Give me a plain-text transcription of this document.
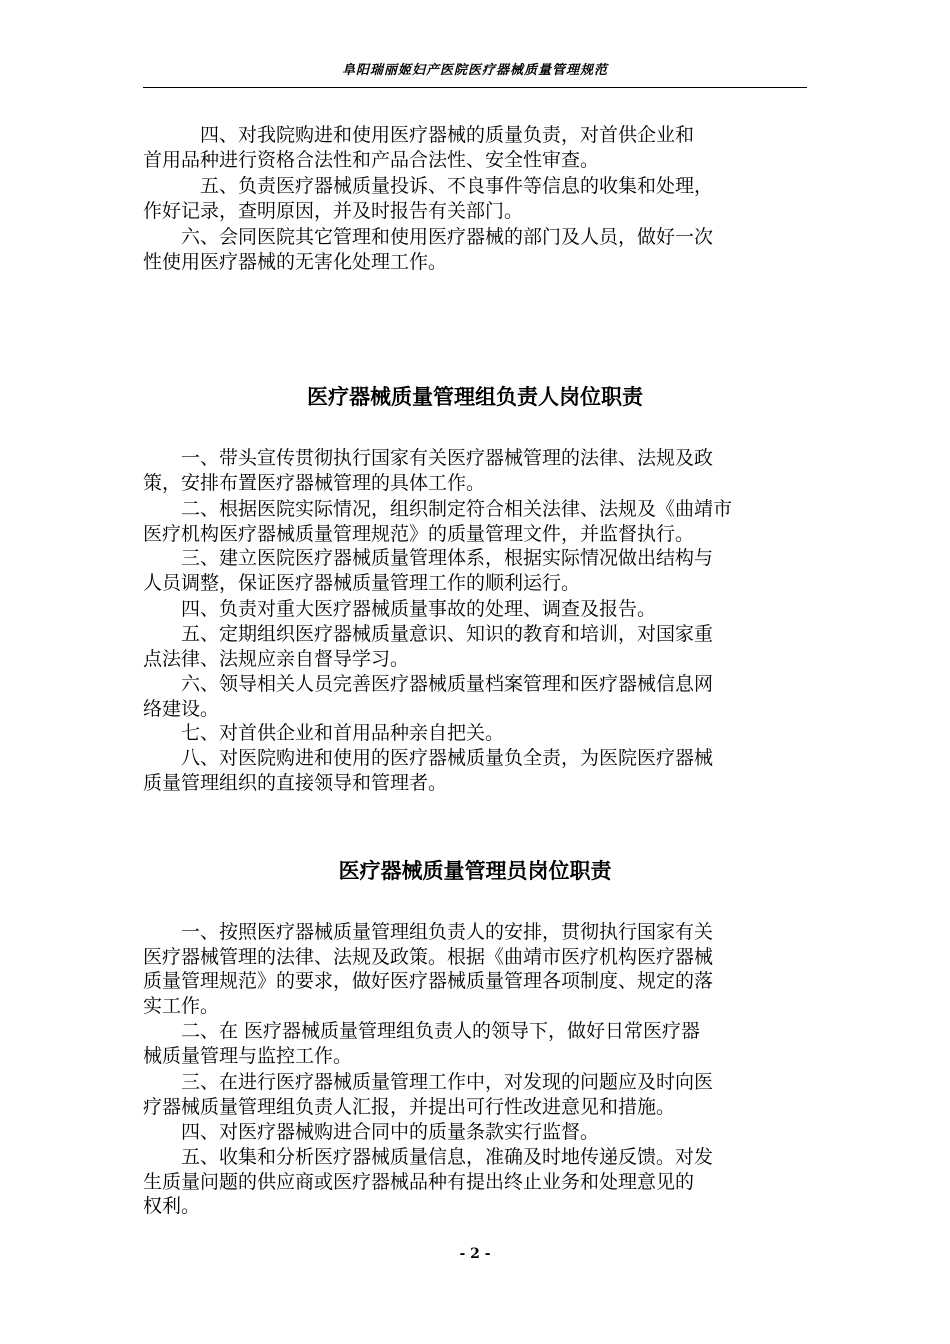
阜阳瑞丽姬妇产医院医疗器械质量管理规范
　　　四、对我院购进和使用医疗器械的质量负责，对首供企业和
首用品种进行资格合法性和产品合法性、安全性审查。
　　　五、负责医疗器械质量投诉、不良事件等信息的收集和处理，
作好记录，查明原因，并及时报告有关部门。
　　六、会同医院其它管理和使用医疗器械的部门及人员，做好一次
性使用医疗器械的无害化处理工作。
医疗器械质量管理组负责人岗位职责
　　一、带头宣传贯彻执行国家有关医疗器械管理的法律、法规及政
策，安排布置医疗器械管理的具体工作。
　　二、根据医院实际情况，组织制定符合相关法律、法规及《曲靖市
医疗机构医疗器械质量管理规范》的质量管理文件，并监督执行。
　　三、建立医院医疗器械质量管理体系，根据实际情况做出结构与
人员调整，保证医疗器械质量管理工作的顺利运行。
　　四、负责对重大医疗器械质量事故的处理、调查及报告。
　　五、定期组织医疗器械质量意识、知识的教育和培训，对国家重
点法律、法规应亲自督导学习。
　　六、领导相关人员完善医疗器械质量档案管理和医疗器械信息网
络建设。
　　七、对首供企业和首用品种亲自把关。
　　八、对医院购进和使用的医疗器械质量负全责，为医院医疗器械
质量管理组织的直接领导和管理者。
医疗器械质量管理员岗位职责
　　一、按照医疗器械质量管理组负责人的安排，贯彻执行国家有关
医疗器械管理的法律、法规及政策。根据《曲靖市医疗机构医疗器械
质量管理规范》的要求，做好医疗器械质量管理各项制度、规定的落
实工作。
　　二、在 医疗器械质量管理组负责人的领导下，做好日常医疗器
械质量管理与监控工作。
　　三、在进行医疗器械质量管理工作中，对发现的问题应及时向医
疗器械质量管理组负责人汇报，并提出可行性改进意见和措施。
　　四、对医疗器械购进合同中的质量条款实行监督。
　　五、收集和分析医疗器械质量信息，准确及时地传递反馈。对发
生质量问题的供应商或医疗器械品种有提出终止业务和处理意见的
权利。
- 2 -
